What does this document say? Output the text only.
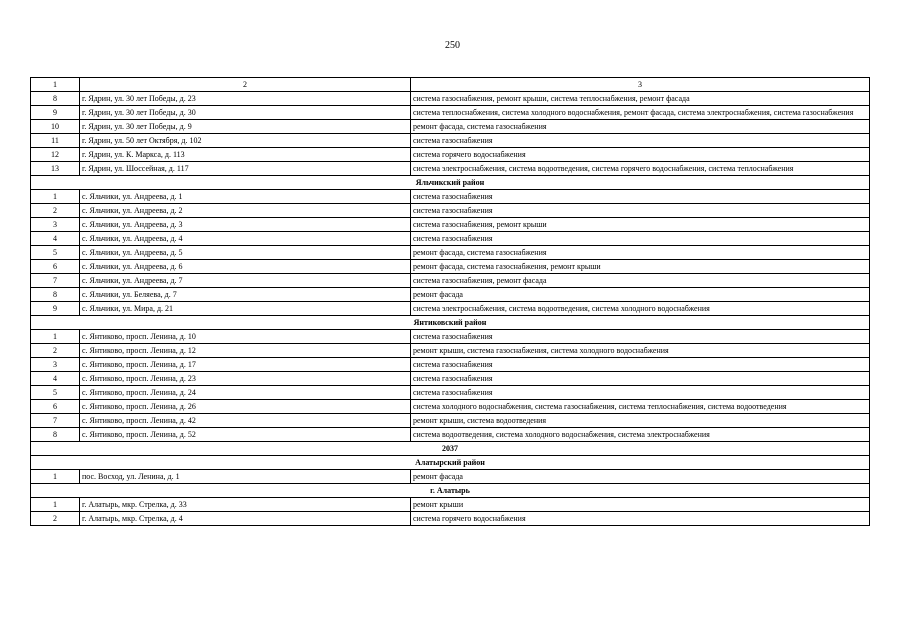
250
1	2	3
8	г. Ядрин, ул. 30 лет Победы, д. 23	система газоснабжения, ремонт крыши, система теплоснабжения, ремонт фасада
9	г. Ядрин, ул. 30 лет Победы, д. 30	система теплоснабжения, система холодного водоснабжения, ремонт фасада, система электроснабжения, система газоснабжения
10	г. Ядрин, ул. 30 лет Победы, д. 9	ремонт фасада, система газоснабжения
11	г. Ядрин, ул. 50 лет Октября, д. 102	система газоснабжения
12	г. Ядрин, ул. К. Маркса, д. 113	система горячего водоснабжения
13	г. Ядрин, ул. Шоссейная, д. 117	система электроснабжения, система водоотведения, система горячего водоснабжения, система теплоснабжения
Яльчикский район		
1	с. Яльчики, ул. Андреева, д. 1	система газоснабжения
2	с. Яльчики, ул. Андреева, д. 2	система газоснабжения
3	с. Яльчики, ул. Андреева, д. 3	система газоснабжения, ремонт крыши
4	с. Яльчики, ул. Андреева, д. 4	система газоснабжения
5	с. Яльчики, ул. Андреева, д. 5	ремонт фасада, система газоснабжения
6	с. Яльчики, ул. Андреева, д. 6	ремонт фасада, система газоснабжения, ремонт крыши
7	с. Яльчики, ул. Андреева, д. 7	система газоснабжения, ремонт фасада
8	с. Яльчики, ул. Беляева, д. 7	ремонт фасада
9	с. Яльчики, ул. Мира, д. 21	система электроснабжения, система водоотведения, система холодного водоснабжения
Янтиковский район		
1	с. Янтиково, просп. Ленина, д. 10	система газоснабжения
2	с. Янтиково, просп. Ленина, д. 12	ремонт крыши, система газоснабжения, система холодного водоснабжения
3	с. Янтиково, просп. Ленина, д. 17	система газоснабжения
4	с. Янтиково, просп. Ленина, д. 23	система газоснабжения
5	с. Янтиково, просп. Ленина, д. 24	система газоснабжения
6	с. Янтиково, просп. Ленина, д. 26	система холодного водоснабжения, система газоснабжения, система теплоснабжения, система водоотведения
7	с. Янтиково, просп. Ленина, д. 42	ремонт крыши, система водоотведения
8	с. Янтиково, просп. Ленина, д. 52	система водоотведения, система холодного водоснабжения, система электроснабжения
2037		
Алатырский район		
1	пос. Восход, ул. Ленина, д. 1	ремонт фасада
г. Алатырь		
1	г. Алатырь, мкр. Стрелка, д. 33	ремонт крыши
2	г. Алатырь, мкр. Стрелка, д. 4	система горячего водоснабжения
